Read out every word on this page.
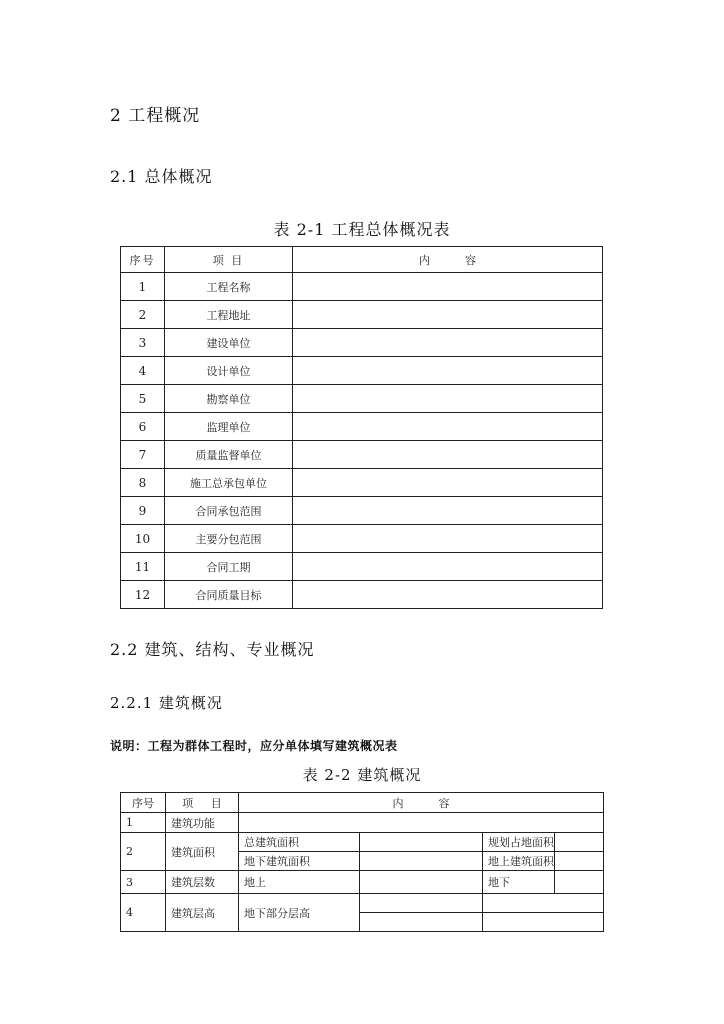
2 工程概况
2.1 总体概况
表 2-1 工程总体概况表
序号	项 目	内          容
1	工程名称	
2	工程地址	
3	建设单位	
4	设计单位	
5	勘察单位	
6	监理单位	
7	质量监督单位	
8	施工总承包单位	
9	合同承包范围	
10	主要分包范围	
11	合同工期	
12	合同质量目标	
2.2 建筑、结构、专业概况
2.2.1 建筑概况
说明：工程为群体工程时，应分单体填写建筑概况表
表 2-2 建筑概况
序号	项     目	内          容			
1	建筑功能				
2	建筑面积	总建筑面积		规划占地面积	
		地下建筑面积		地上建筑面积	
3	建筑层数	地上		地下	
4	建筑层高	地下部分层高			
